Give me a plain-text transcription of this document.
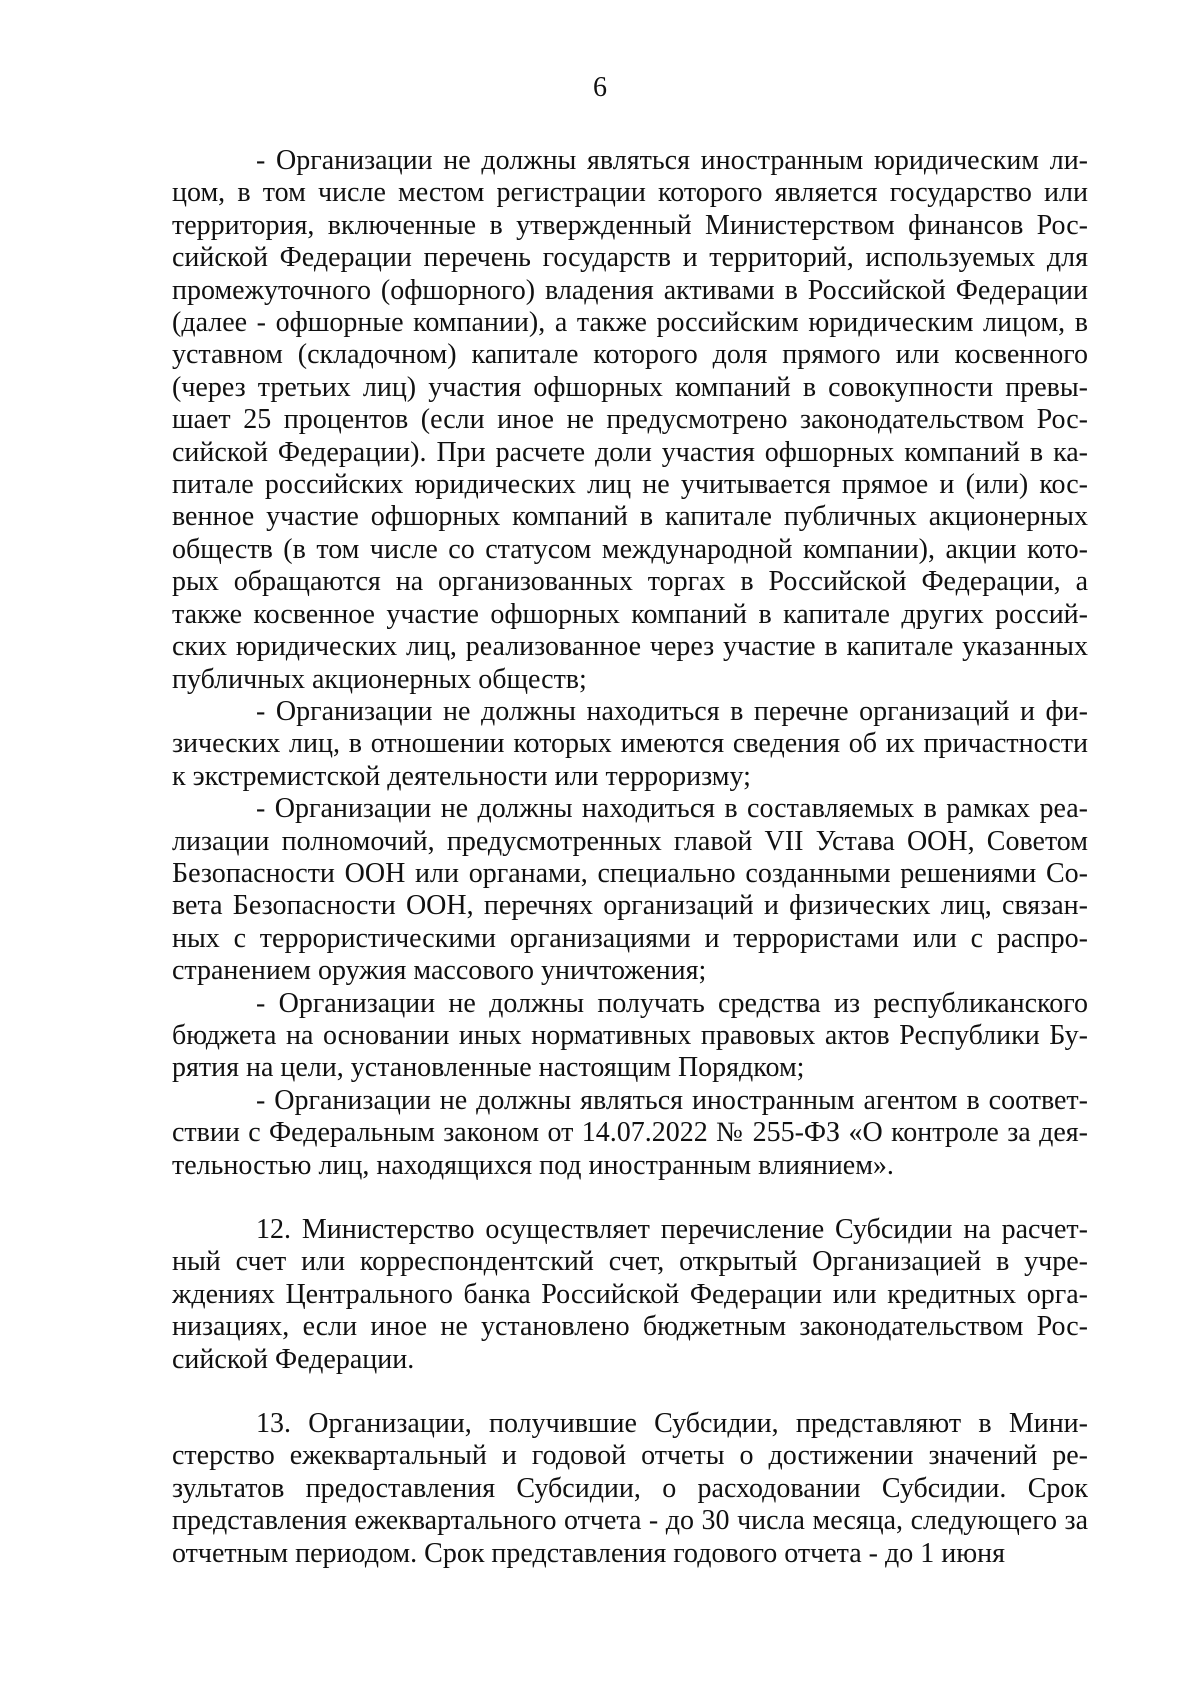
6

- Организации не должны являться иностранным юридическим лицом, в том числе местом регистрации которого является государство или территория, включенные в утвержденный Министерством финансов Российской Федерации перечень государств и территорий, используемых для промежуточного (офшорного) владения активами в Российской Федерации (далее - офшорные компании), а также российским юридическим лицом, в уставном (складочном) капитале которого доля прямого или косвенного (через третьих лиц) участия офшорных компаний в совокупности превышает 25 процентов (если иное не предусмотрено законодательством Российской Федерации). При расчете доли участия офшорных компаний в капитале российских юридических лиц не учитывается прямое и (или) косвенное участие офшорных компаний в капитале публичных акционерных обществ (в том числе со статусом международной компании), акции которых обращаются на организованных торгах в Российской Федерации, а также косвенное участие офшорных компаний в капитале других российских юридических лиц, реализованное через участие в капитале указанных публичных акционерных обществ;

- Организации не должны находиться в перечне организаций и физических лиц, в отношении которых имеются сведения об их причастности к экстремистской деятельности или терроризму;

- Организации не должны находиться в составляемых в рамках реализации полномочий, предусмотренных главой VII Устава ООН, Советом Безопасности ООН или органами, специально созданными решениями Совета Безопасности ООН, перечнях организаций и физических лиц, связанных с террористическими организациями и террористами или с распространением оружия массового уничтожения;

- Организации не должны получать средства из республиканского бюджета на основании иных нормативных правовых актов Республики Бурятия на цели, установленные настоящим Порядком;

- Организации не должны являться иностранным агентом в соответствии с Федеральным законом от 14.07.2022 № 255-ФЗ «О контроле за деятельностью лиц, находящихся под иностранным влиянием».

12. Министерство осуществляет перечисление Субсидии на расчетный счет или корреспондентский счет, открытый Организацией в учреждениях Центрального банка Российской Федерации или кредитных организациях, если иное не установлено бюджетным законодательством Российской Федерации.

13. Организации, получившие Субсидии, представляют в Министерство ежеквартальный и годовой отчеты о достижении значений результатов предоставления Субсидии, о расходовании Субсидии. Срок представления ежеквартального отчета - до 30 числа месяца, следующего за отчетным периодом. Срок представления годового отчета - до 1 июня
